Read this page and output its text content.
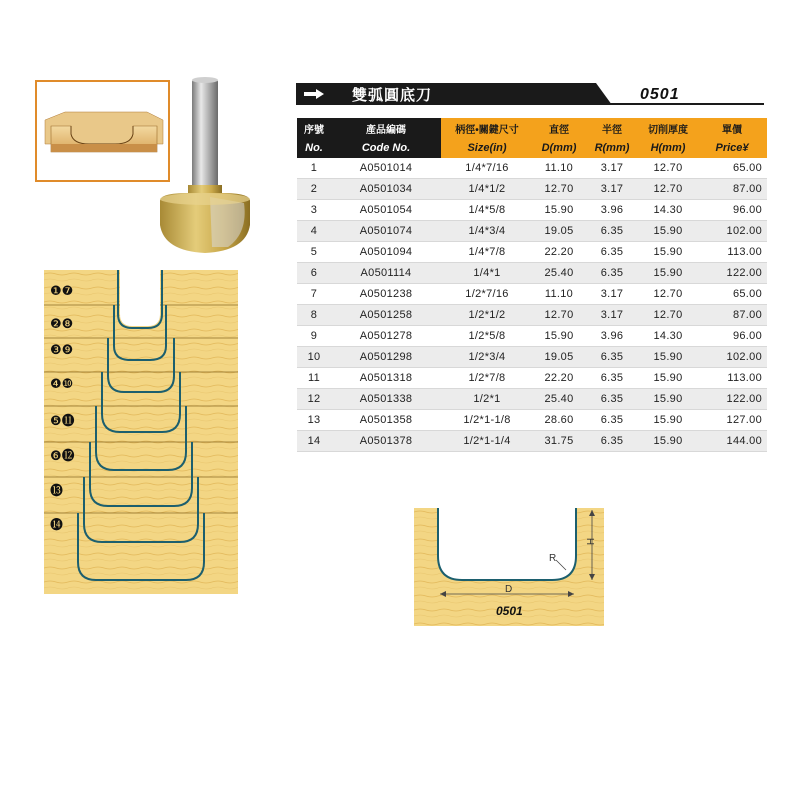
❶❼
❷❽
❸❾
❹❿
❺⓫
❻⓬
⓭
⓮
雙弧圓底刀	0501
序號	產品編碼	柄徑•關鍵尺寸	直徑	半徑	切削厚度	單價
No.	Code No.	Size(in)	D(mm)	R(mm)	H(mm)	Price¥
1	A0501014	1/4*7/16	11.10	3.17	12.70	65.00
2	A0501034	1/4*1/2	12.70	3.17	12.70	87.00
3	A0501054	1/4*5/8	15.90	3.96	14.30	96.00
4	A0501074	1/4*3/4	19.05	6.35	15.90	102.00
5	A0501094	1/4*7/8	22.20	6.35	15.90	113.00
6	A0501114	1/4*1	25.40	6.35	15.90	122.00
7	A0501238	1/2*7/16	11.10	3.17	12.70	65.00
8	A0501258	1/2*1/2	12.70	3.17	12.70	87.00
9	A0501278	1/2*5/8	15.90	3.96	14.30	96.00
10	A0501298	1/2*3/4	19.05	6.35	15.90	102.00
11	A0501318	1/2*7/8	22.20	6.35	15.90	113.00
12	A0501338	1/2*1	25.40	6.35	15.90	122.00
13	A0501358	1/2*1-1/8	28.60	6.35	15.90	127.00
14	A0501378	1/2*1-1/4	31.75	6.35	15.90	144.00
R
H
D
0501
